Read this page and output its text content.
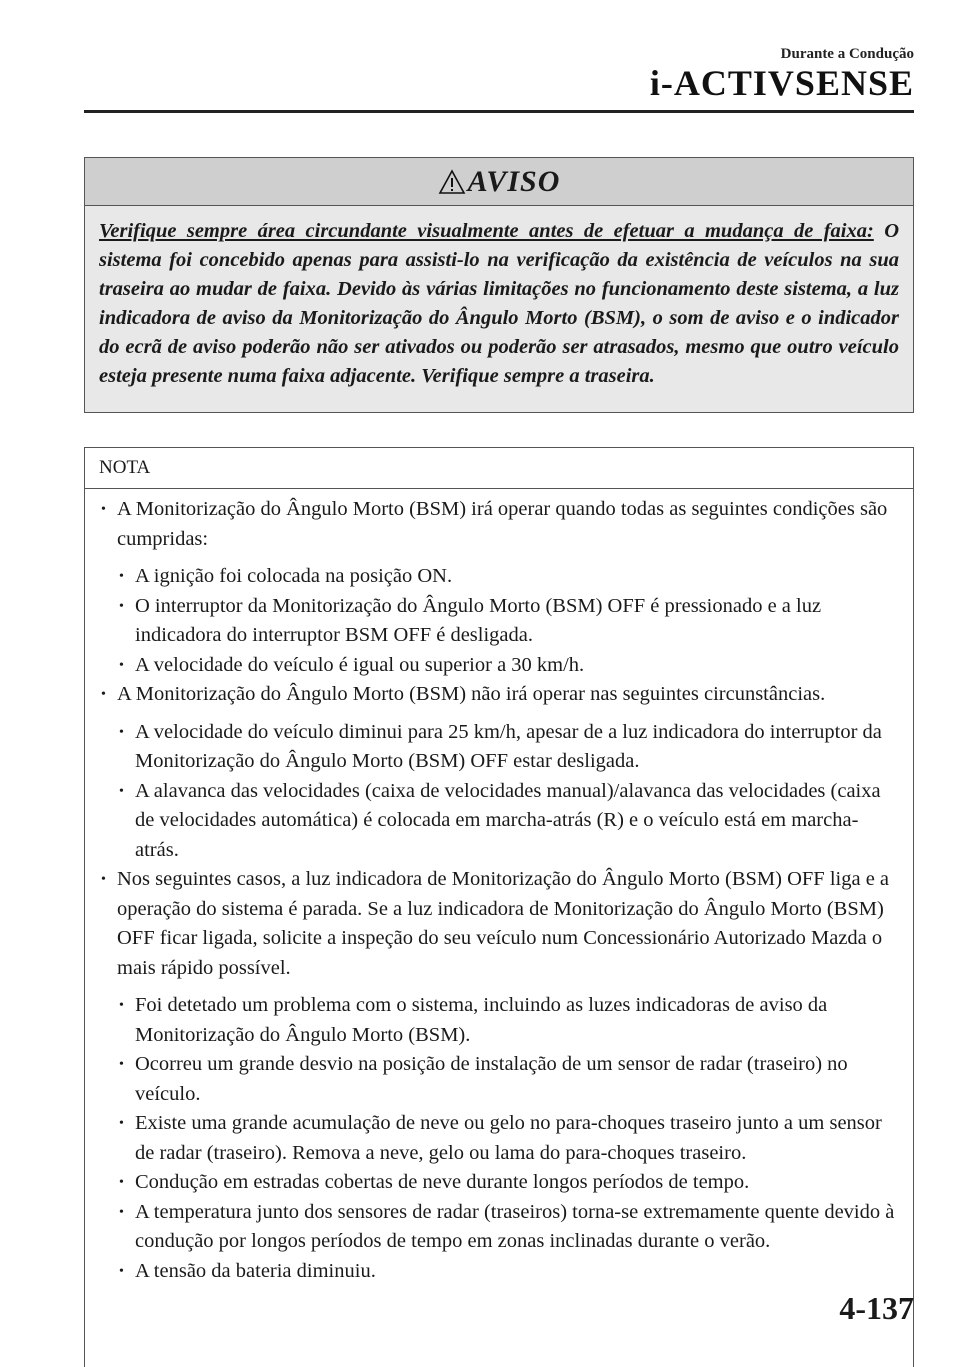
Durante a Condução
i-ACTIVSENSE
AVISO
Verifique sempre área circundante visualmente antes de efetuar a mudança de faixa: O sistema foi concebido apenas para assisti-lo na verificação da existência de veículos na sua traseira ao mudar de faixa. Devido às várias limitações no funcionamento deste sistema, a luz indicadora de aviso da Monitorização do Ângulo Morto (BSM), o som de aviso e o indicador do ecrã de aviso poderão não ser ativados ou poderão ser atrasados, mesmo que outro veículo esteja presente numa faixa adjacente. Verifique sempre a traseira.
NOTA
• A Monitorização do Ângulo Morto (BSM) irá operar quando todas as seguintes condições são cumpridas:
• A ignição foi colocada na posição ON.
• O interruptor da Monitorização do Ângulo Morto (BSM) OFF é pressionado e a luz indicadora do interruptor BSM OFF é desligada.
• A velocidade do veículo é igual ou superior a 30 km/h.
• A Monitorização do Ângulo Morto (BSM) não irá operar nas seguintes circunstâncias.
• A velocidade do veículo diminui para 25 km/h, apesar de a luz indicadora do interruptor da Monitorização do Ângulo Morto (BSM) OFF estar desligada.
• A alavanca das velocidades (caixa de velocidades manual)/alavanca das velocidades (caixa de velocidades automática) é colocada em marcha-atrás (R) e o veículo está em marcha-atrás.
• Nos seguintes casos, a luz indicadora de Monitorização do Ângulo Morto (BSM) OFF liga e a operação do sistema é parada. Se a luz indicadora de Monitorização do Ângulo Morto (BSM) OFF ficar ligada, solicite a inspeção do seu veículo num Concessionário Autorizado Mazda o mais rápido possível.
• Foi detetado um problema com o sistema, incluindo as luzes indicadoras de aviso da Monitorização do Ângulo Morto (BSM).
• Ocorreu um grande desvio na posição de instalação de um sensor de radar (traseiro) no veículo.
• Existe uma grande acumulação de neve ou gelo no para-choques traseiro junto a um sensor de radar (traseiro). Remova a neve, gelo ou lama do para-choques traseiro.
• Condução em estradas cobertas de neve durante longos períodos de tempo.
• A temperatura junto dos sensores de radar (traseiros) torna-se extremamente quente devido à condução por longos períodos de tempo em zonas inclinadas durante o verão.
• A tensão da bateria diminuiu.
4-137
